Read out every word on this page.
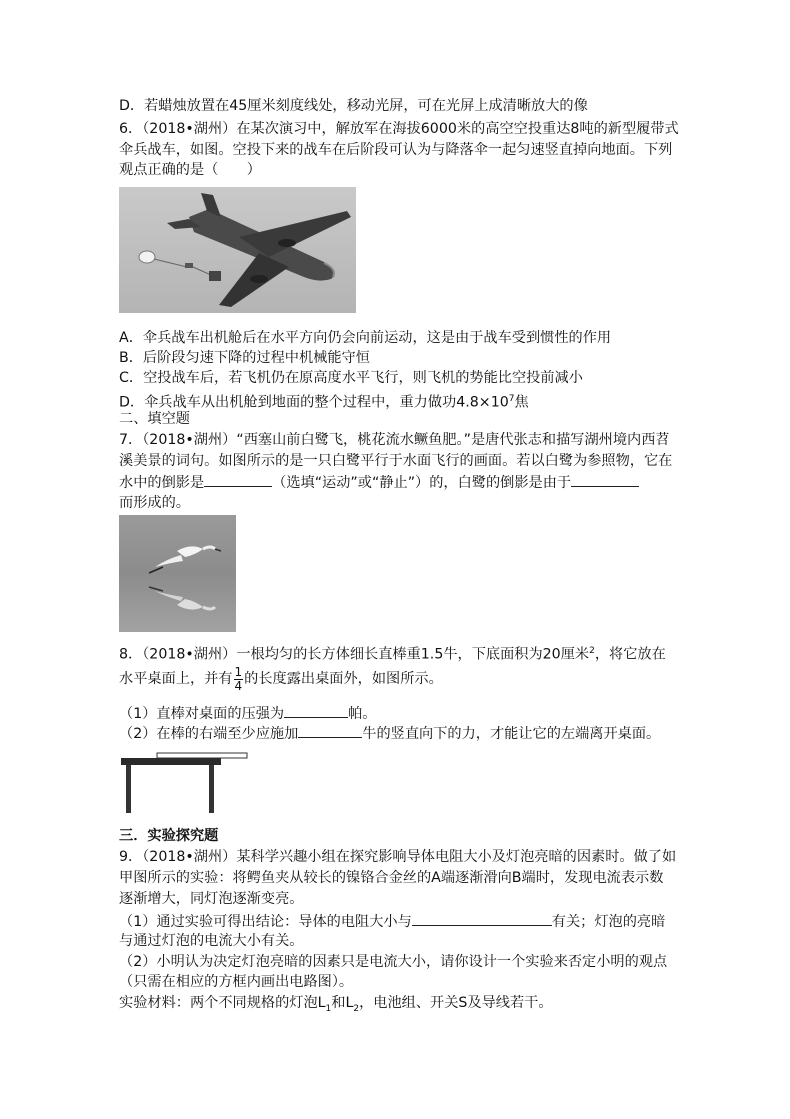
D．若蜡烛放置在45厘米刻度线处，移动光屏，可在光屏上成清晰放大的像
6．（2018•湖州）在某次演习中，解放军在海拔6000米的高空空投重达8吨的新型履带式
伞兵战车，如图。空投下来的战车在后阶段可认为与降落伞一起匀速竖直掉向地面。下列
观点正确的是（　　）
A．伞兵战车出机舱后在水平方向仍会向前运动，这是由于战车受到惯性的作用
B．后阶段匀速下降的过程中机械能守恒
C．空投战车后，若飞机仍在原高度水平飞行，则飞机的势能比空投前减小
D．伞兵战车从出机舱到地面的整个过程中，重力做功$4.8\times 10^7$焦
二、填空题
7．（2018•湖州）“西塞山前白鹭飞，桃花流水鳜鱼肥。”是唐代张志和描写湖州境内西苕
溪美景的词句。如图所示的是一只白鹭平行于水面飞行的画面。若以白鹭为参照物，它在
水中的倒影是	（选填“运动”或“静止”）的，白鹭的倒影是由于
而形成的。
8．（2018•湖州）一根均匀的长方体细长直棒重1.5牛，下底面积为20厘米$^2$，将它放在
水平桌面上，并有 $\frac{1}{4}$ 的长度露出桌面外，如图所示。
（1）直棒对桌面的压强为	帕。
（2）在棒的右端至少应施加	牛的竖直向下的力，才能让它的左端离开桌面。
三．实验探究题
9．（2018•湖州）某科学兴趣小组在探究影响导体电阻大小及灯泡亮暗的因素时。做了如
甲图所示的实验：将鳄鱼夹从较长的镍铬合金丝的A端逐渐滑向B端时，发现电流表示数
逐渐增大，同灯泡逐渐变亮。
（1）通过实验可得出结论：导体的电阻大小与	有关；灯泡的亮暗
与通过灯泡的电流大小有关。
（2）小明认为决定灯泡亮暗的因素只是电流大小，请你设计一个实验来否定小明的观点
（只需在相应的方框内画出电路图）。
实验材料：两个不同规格的灯泡$L_1$和$L_2$，电池组、开关S及导线若干。
